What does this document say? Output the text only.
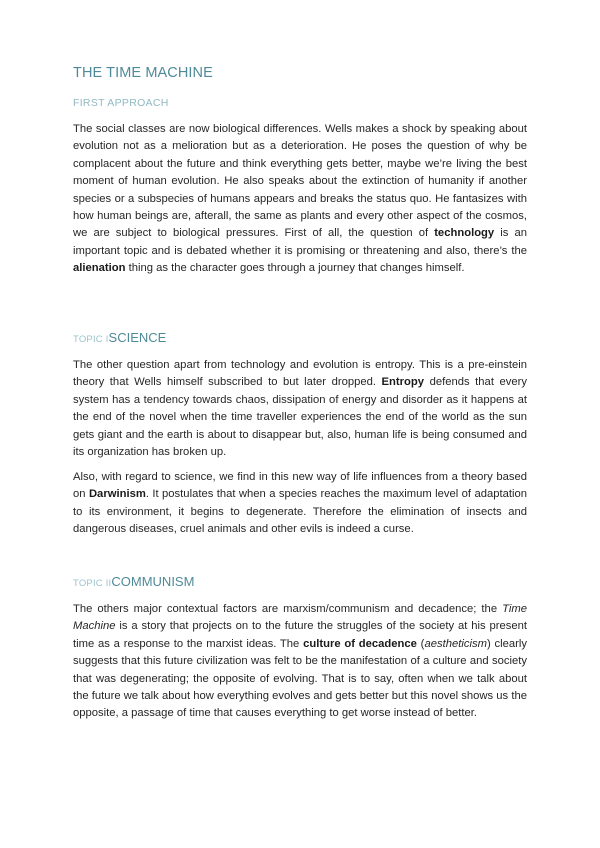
THE TIME MACHINE
FIRST APPROACH

The social classes are now biological differences. Wells makes a shock by speaking about evolution not as a melioration but as a deterioration. He poses the question of why be complacent about the future and think everything gets better, maybe we’re living the best moment of human evolution. He also speaks about the extinction of humanity if another species or a subspecies of humans appears and breaks the status quo. He fantasizes with how human beings are, afterall, the same as plants and every other aspect of the cosmos, we are subject to biological pressures. First of all, the question of technology is an important topic and is debated whether it is promising or threatening and also, there’s the alienation thing as the character goes through a journey that changes himself.

TOPIC ISCIENCE

The other question apart from technology and evolution is entropy. This is a pre-einstein theory that Wells himself subscribed to but later dropped. Entropy defends that every system has a tendency towards chaos, dissipation of energy and disorder as it happens at the end of the novel when the time traveller experiences the end of the world as the sun gets giant and the earth is about to disappear but, also, human life is being consumed and its organization has broken up.

Also, with regard to science, we find in this new way of life influences from a theory based on Darwinism. It postulates that when a species reaches the maximum level of adaptation to its environment, it begins to degenerate. Therefore the elimination of insects and dangerous diseases, cruel animals and other evils is indeed a curse.

TOPIC IICOMMUNISM

The others major contextual factors are marxism/communism and decadence; the Time Machine is a story that projects on to the future the struggles of the society at his present time as a response to the marxist ideas. The culture of decadence (aestheticism) clearly suggests that this future civilization was felt to be the manifestation of a culture and society that was degenerating; the opposite of evolving. That is to say, often when we talk about the future we talk about how everything evolves and gets better but this novel shows us the opposite, a passage of time that causes everything to get worse instead of better.
